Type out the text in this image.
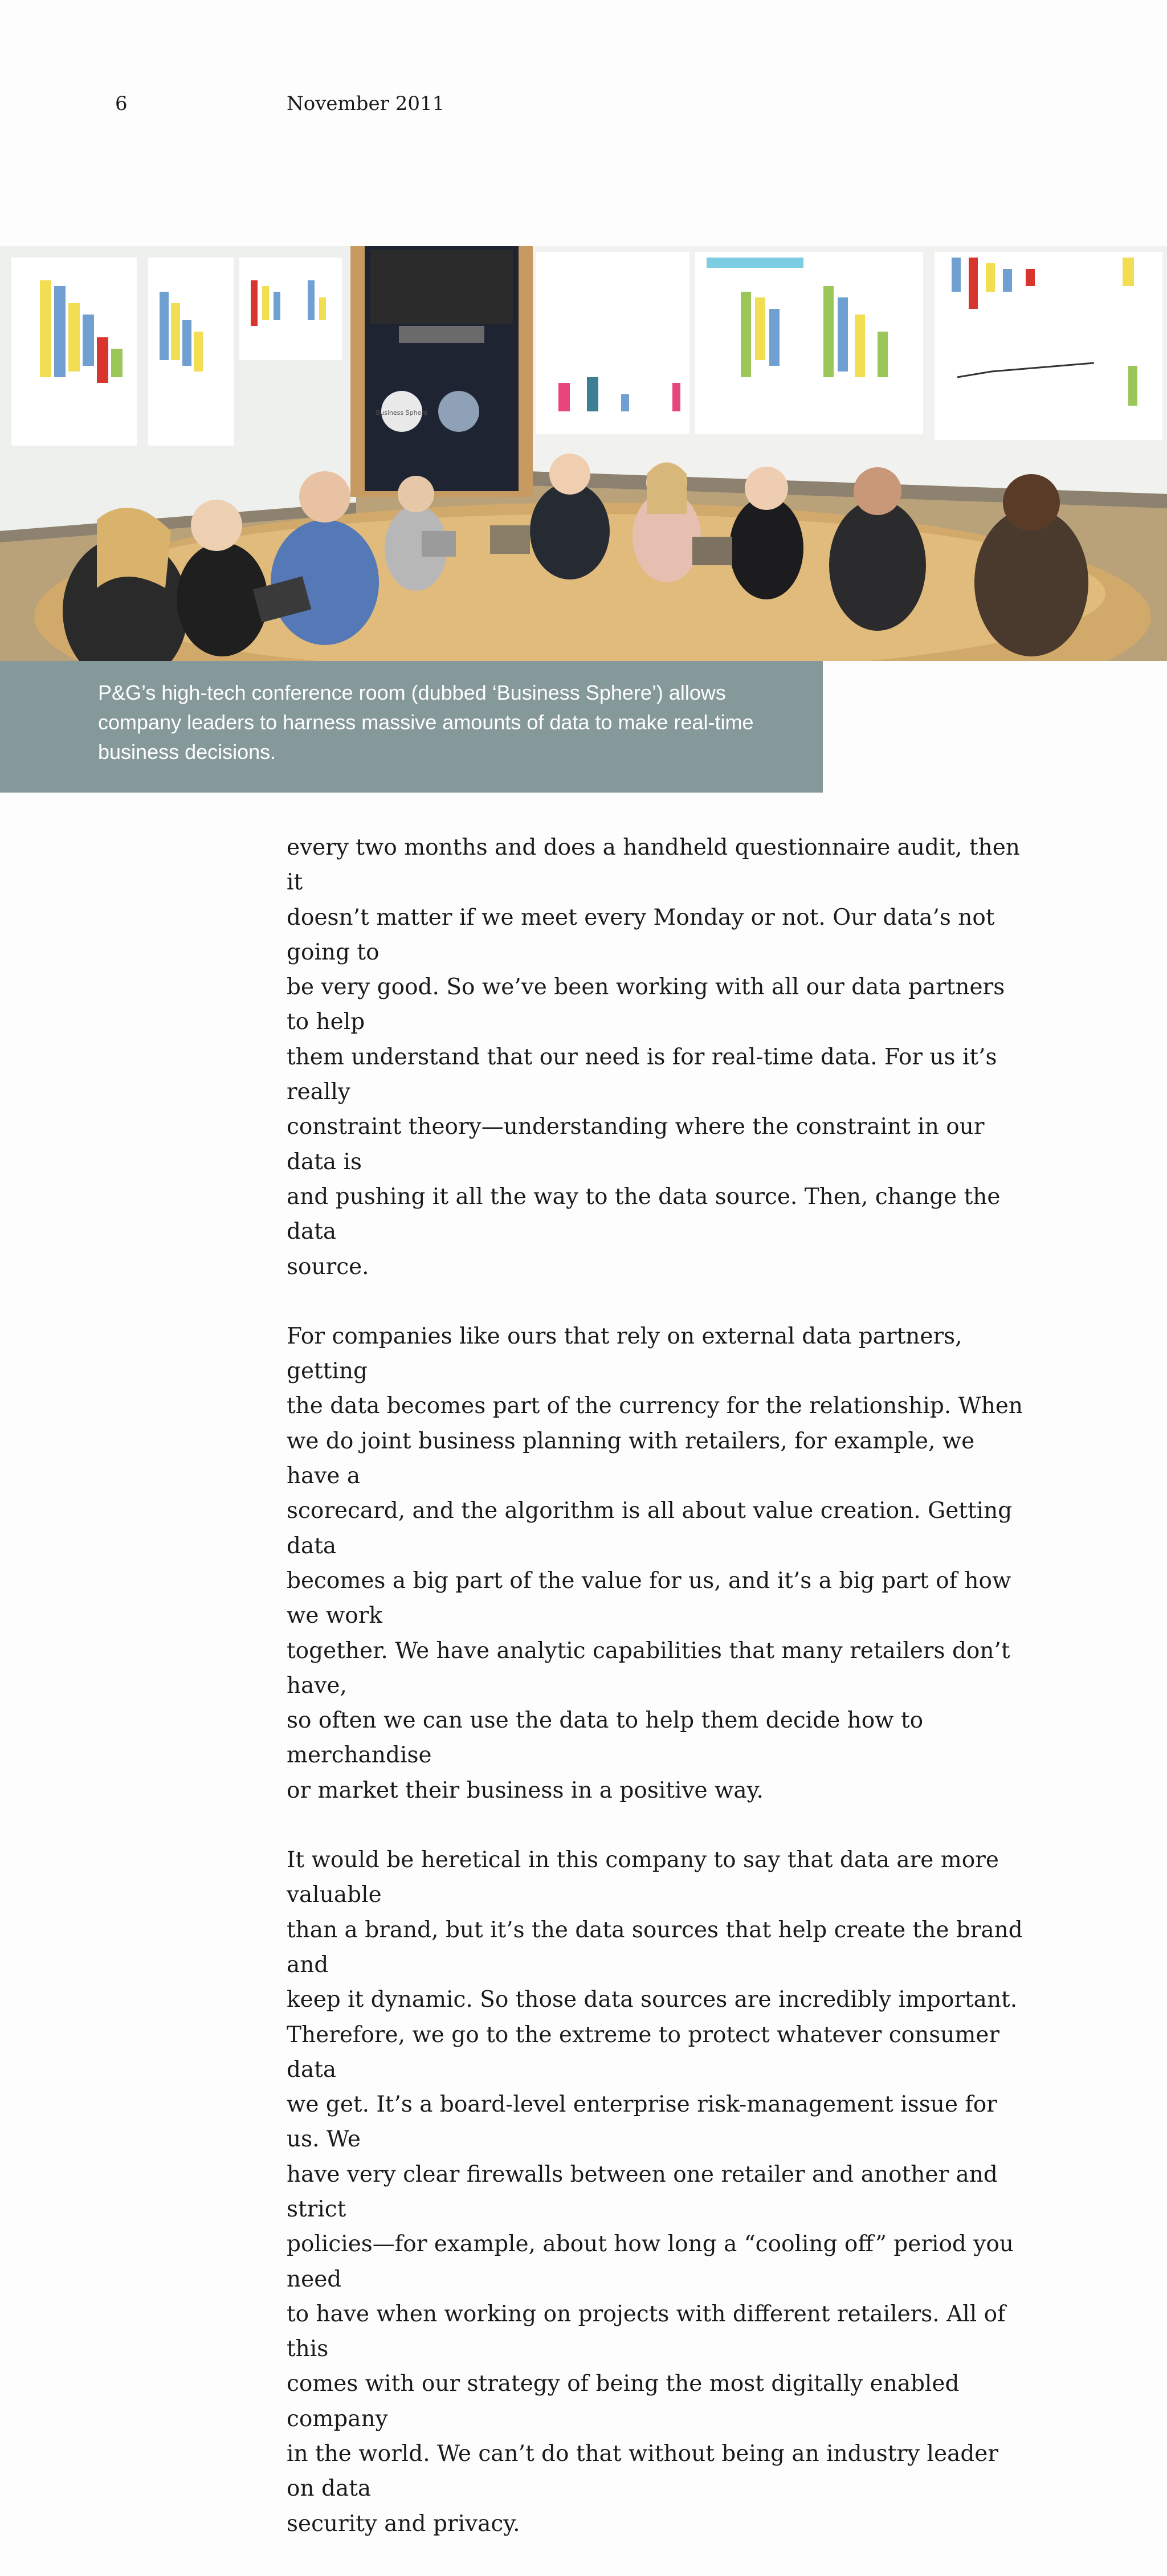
6	November 2011
Business Sphere
P&G’s high-tech conference room (dubbed ‘Business Sphere’) allows
company leaders to harness massive amounts of data to make real-time
business decisions.

every two months and does a handheld questionnaire audit, then it
doesn’t matter if we meet every Monday or not. Our data’s not going to
be very good. So we’ve been working with all our data partners to help
them understand that our need is for real-time data. For us it’s really
constraint theory—understanding where the constraint in our data is
and pushing it all the way to the data source. Then, change the data
source.

For companies like ours that rely on external data partners, getting
the data becomes part of the currency for the relationship. When
we do joint business planning with retailers, for example, we have a
scorecard, and the algorithm is all about value creation. Getting data
becomes a big part of the value for us, and it’s a big part of how we work
together. We have analytic capabilities that many retailers don’t have,
so often we can use the data to help them decide how to merchandise
or market their business in a positive way.

It would be heretical in this company to say that data are more valuable
than a brand, but it’s the data sources that help create the brand and
keep it dynamic. So those data sources are incredibly important.
Therefore, we go to the extreme to protect whatever consumer data
we get. It’s a board-level enterprise risk-management issue for us. We
have very clear firewalls between one retailer and another and strict
policies—for example, about how long a “cooling off” period you need
to have when working on projects with different retailers. All of this
comes with our strategy of being the most digitally enabled company
in the world. We can’t do that without being an industry leader on data
security and privacy.
